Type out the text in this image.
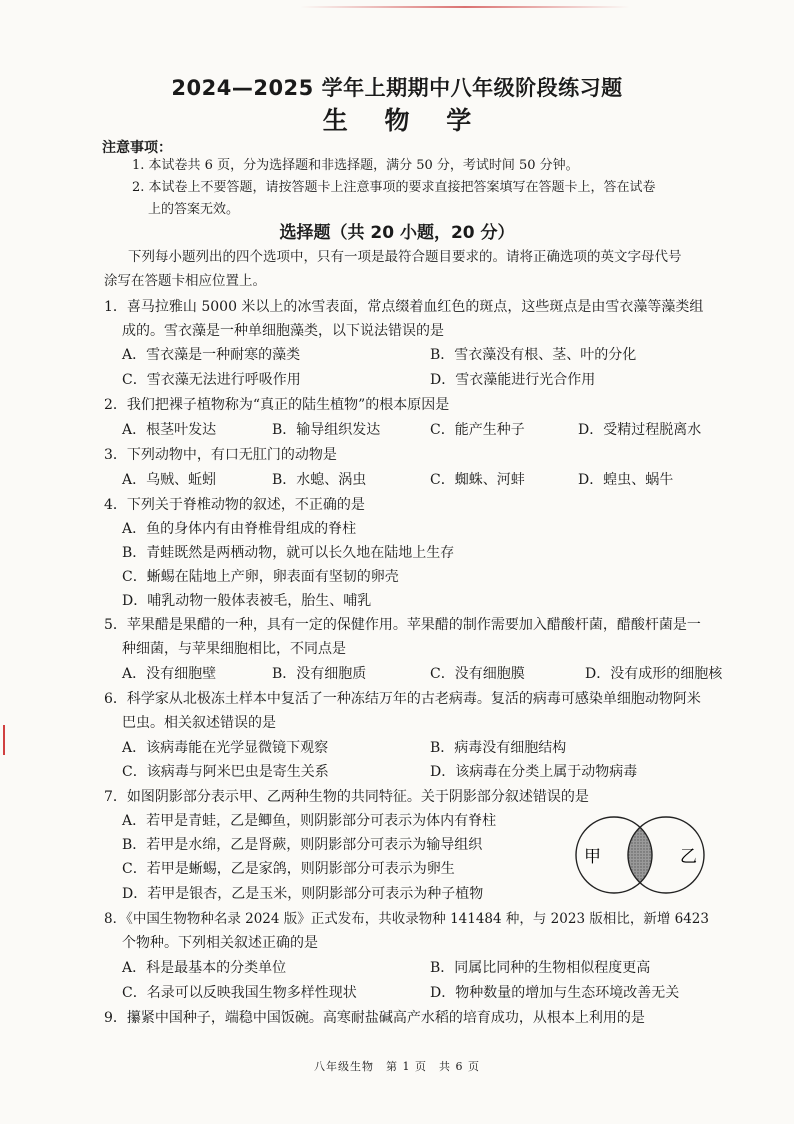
2024—2025 学年上期期中八年级阶段练习题
生 物 学
注意事项：
1. 本试卷共 6 页，分为选择题和非选择题，满分 50 分，考试时间 50 分钟。
2. 本试卷上不要答题，请按答题卡上注意事项的要求直接把答案填写在答题卡上，答在试卷
上的答案无效。
选择题（共 20 小题，20 分）
下列每小题列出的四个选项中，只有一项是最符合题目要求的。请将正确选项的英文字母代号
涂写在答题卡相应位置上。
1．喜马拉雅山 5000 米以上的冰雪表面，常点缀着血红色的斑点，这些斑点是由雪衣藻等藻类组
成的。雪衣藻是一种单细胞藻类，以下说法错误的是
A．雪衣藻是一种耐寒的藻类	B．雪衣藻没有根、茎、叶的分化
C．雪衣藻无法进行呼吸作用	D．雪衣藻能进行光合作用
2．我们把裸子植物称为“真正的陆生植物”的根本原因是
A．根茎叶发达	B．输导组织发达	C．能产生种子	D．受精过程脱离水
3．下列动物中，有口无肛门的动物是
A．乌贼、蚯蚓	B．水螅、涡虫	C．蜘蛛、河蚌	D．蝗虫、蜗牛
4．下列关于脊椎动物的叙述，不正确的是
A．鱼的身体内有由脊椎骨组成的脊柱
B．青蛙既然是两栖动物，就可以长久地在陆地上生存
C．蜥蜴在陆地上产卵，卵表面有坚韧的卵壳
D．哺乳动物一般体表被毛，胎生、哺乳
5．苹果醋是果醋的一种，具有一定的保健作用。苹果醋的制作需要加入醋酸杆菌，醋酸杆菌是一
种细菌，与苹果细胞相比，不同点是
A．没有细胞壁	B．没有细胞质	C．没有细胞膜	D．没有成形的细胞核
6．科学家从北极冻土样本中复活了一种冻结万年的古老病毒。复活的病毒可感染单细胞动物阿米
巴虫。相关叙述错误的是
A．该病毒能在光学显微镜下观察	B．病毒没有细胞结构
C．该病毒与阿米巴虫是寄生关系	D．该病毒在分类上属于动物病毒
7．如图阴影部分表示甲、乙两种生物的共同特征。关于阴影部分叙述错误的是
A．若甲是青蛙，乙是鲫鱼，则阴影部分可表示为体内有脊柱
B．若甲是水绵，乙是肾蕨，则阴影部分可表示为输导组织
C．若甲是蜥蜴，乙是家鸽，则阴影部分可表示为卵生
D．若甲是银杏，乙是玉米，则阴影部分可表示为种子植物
甲	乙
8．《中国生物物种名录 2024 版》正式发布，共收录物种 141484 种，与 2023 版相比，新增 6423
个物种。下列相关叙述正确的是
A．科是最基本的分类单位	B．同属比同种的生物相似程度更高
C．名录可以反映我国生物多样性现状	D．物种数量的增加与生态环境改善无关
9．攥紧中国种子，端稳中国饭碗。高寒耐盐碱高产水稻的培育成功，从根本上利用的是
八年级生物　第 1 页　共 6 页
